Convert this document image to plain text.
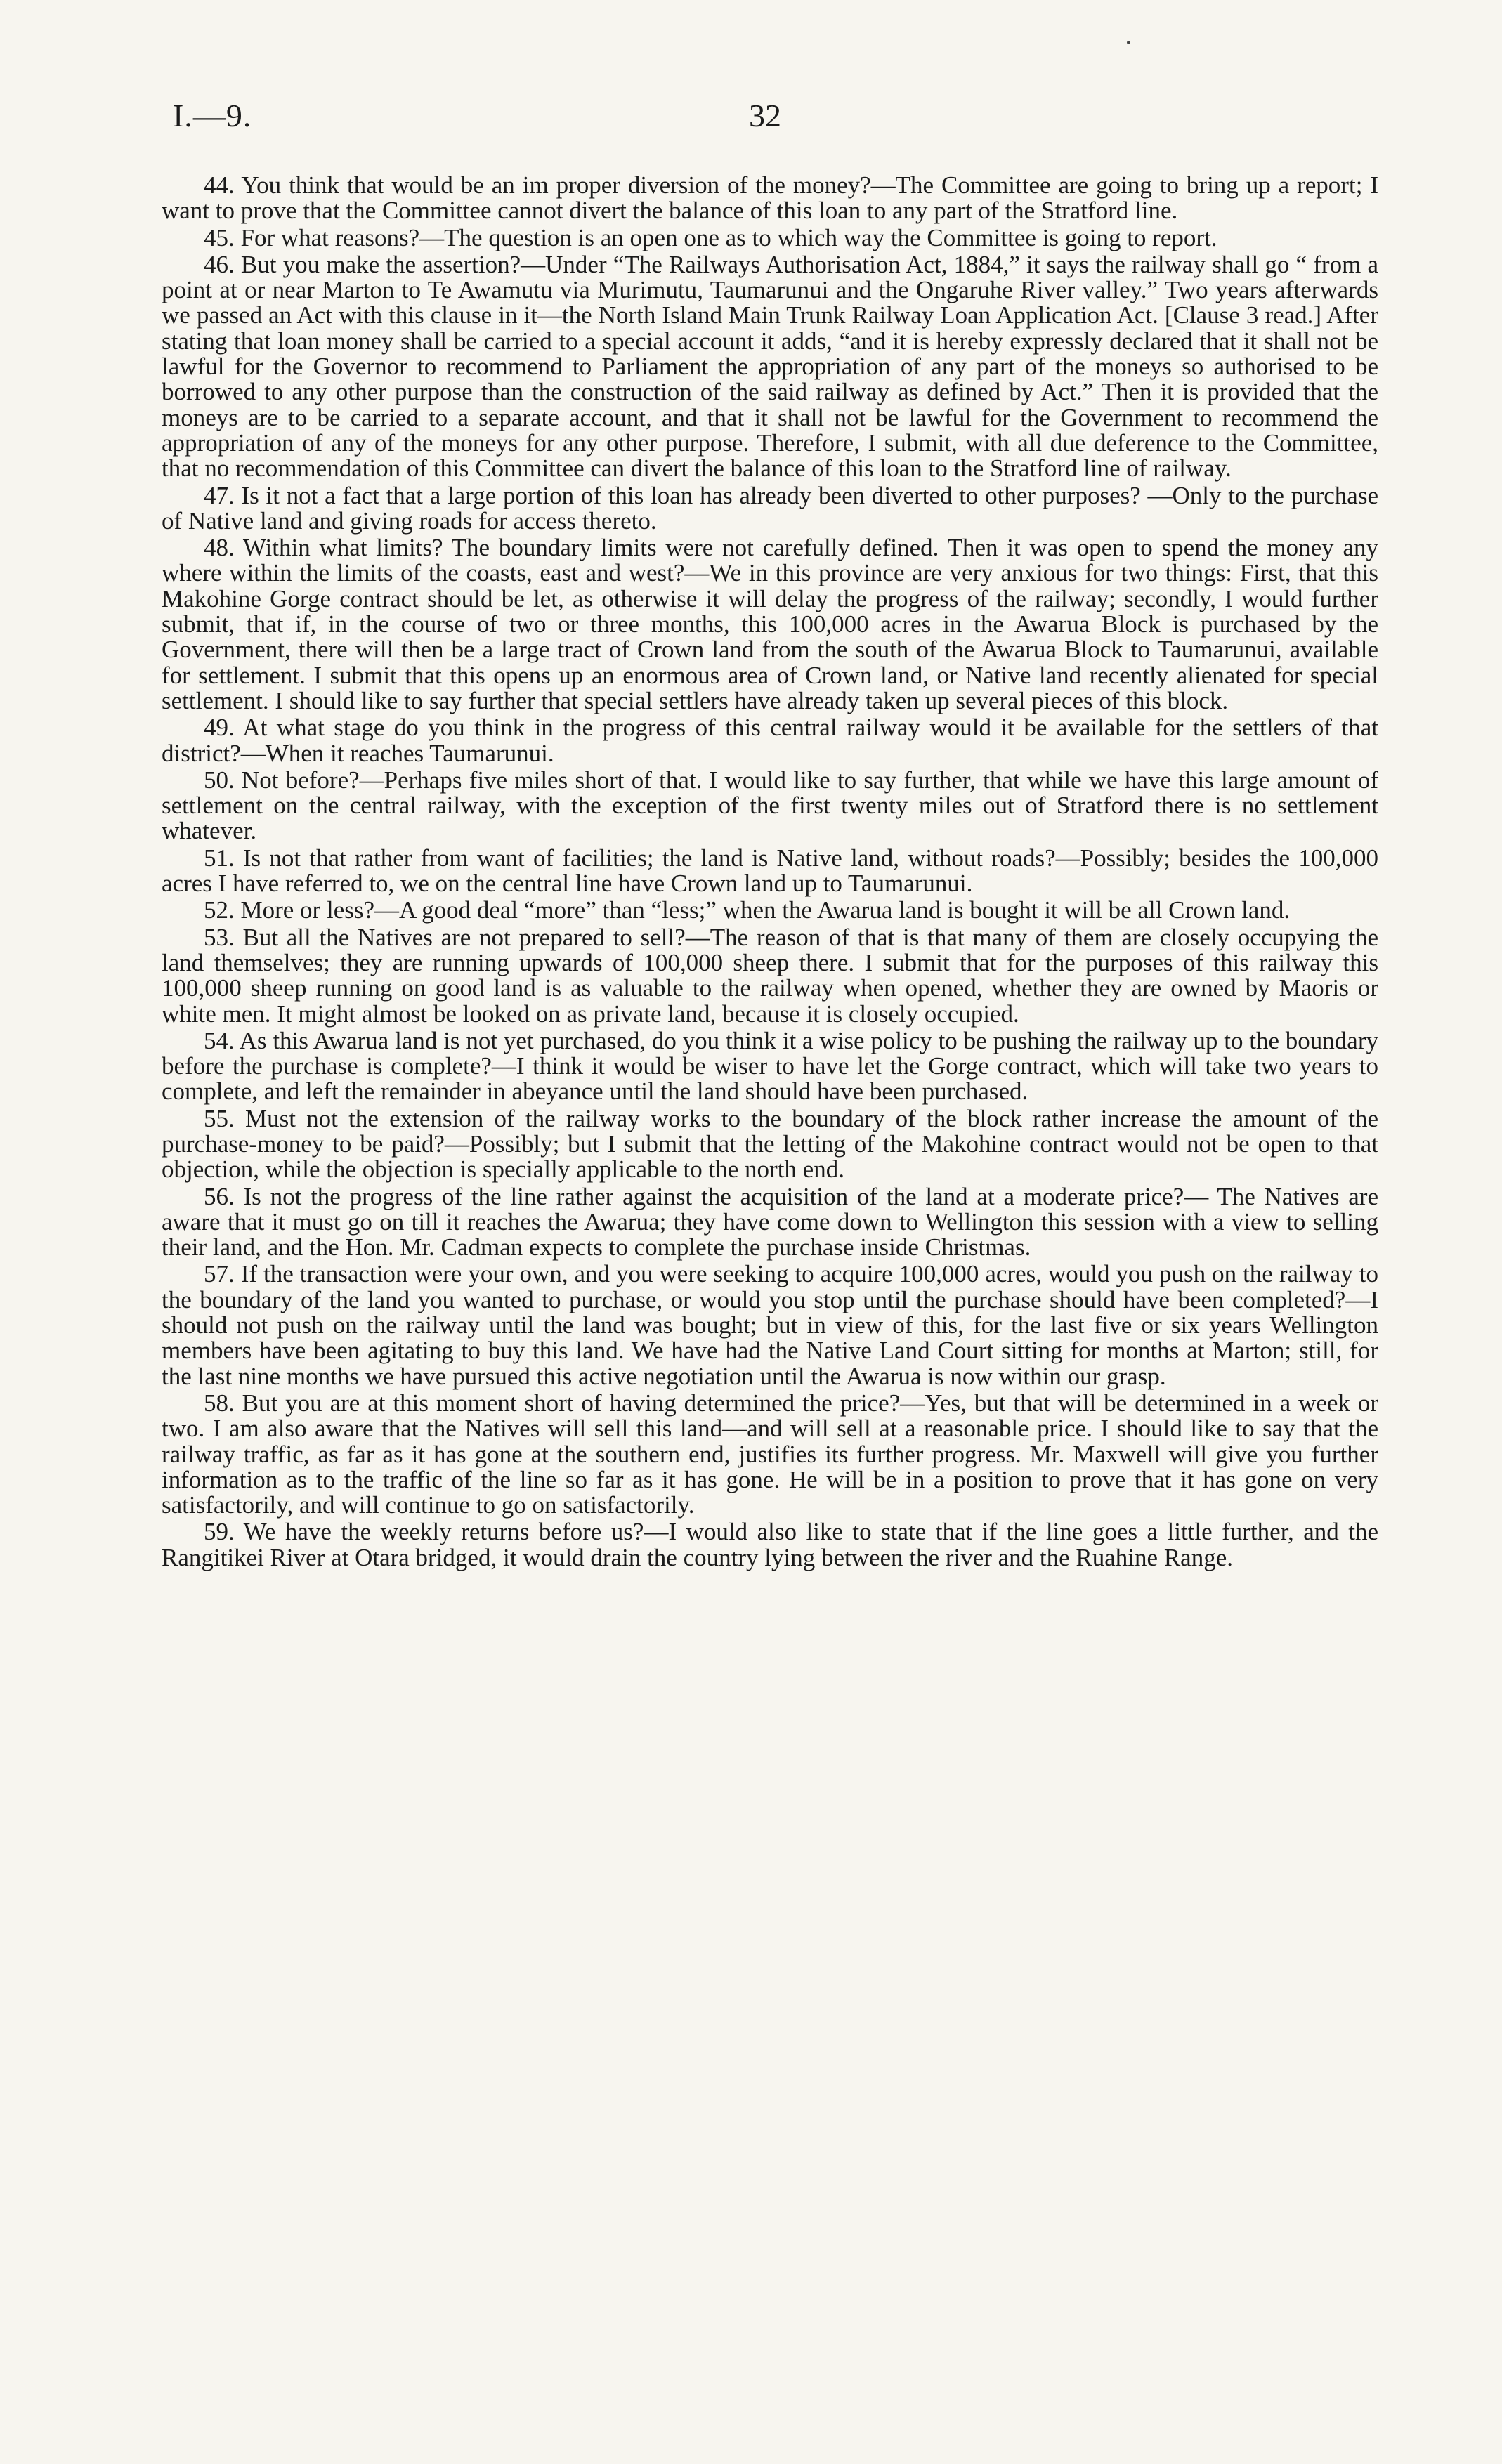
I.—9.	32

44. You think that would be an im proper diversion of the money?—The Committee are going to bring up a report; I want to prove that the Committee cannot divert the balance of this loan to any part of the Stratford line.

45. For what reasons?—The question is an open one as to which way the Committee is going to report.

46. But you make the assertion?—Under “The Railways Authorisation Act, 1884,” it says the railway shall go “ from a point at or near Marton to Te Awamutu via Murimutu, Taumarunui and the Ongaruhe River valley.” Two years afterwards we passed an Act with this clause in it—the North Island Main Trunk Railway Loan Application Act. [Clause 3 read.] After stating that loan money shall be carried to a special account it adds, “and it is hereby expressly declared that it shall not be lawful for the Governor to recommend to Parliament the appropriation of any part of the moneys so authorised to be borrowed to any other purpose than the construction of the said railway as defined by Act.” Then it is provided that the moneys are to be carried to a separate account, and that it shall not be lawful for the Government to recommend the appropriation of any of the moneys for any other purpose. Therefore, I submit, with all due deference to the Committee, that no recommendation of this Committee can divert the balance of this loan to the Stratford line of railway.

47. Is it not a fact that a large portion of this loan has already been diverted to other purposes? —Only to the purchase of Native land and giving roads for access thereto.

48. Within what limits? The boundary limits were not carefully defined. Then it was open to spend the money any where within the limits of the coasts, east and west?—We in this province are very anxious for two things: First, that this Makohine Gorge contract should be let, as otherwise it will delay the progress of the railway; secondly, I would further submit, that if, in the course of two or three months, this 100,000 acres in the Awarua Block is purchased by the Government, there will then be a large tract of Crown land from the south of the Awarua Block to Taumarunui, available for settlement. I submit that this opens up an enormous area of Crown land, or Native land recently alienated for special settlement. I should like to say further that special settlers have already taken up several pieces of this block.

49. At what stage do you think in the progress of this central railway would it be available for the settlers of that district?—When it reaches Taumarunui.

50. Not before?—Perhaps five miles short of that. I would like to say further, that while we have this large amount of settlement on the central railway, with the exception of the first twenty miles out of Stratford there is no settlement whatever.

51. Is not that rather from want of facilities; the land is Native land, without roads?—Possibly; besides the 100,000 acres I have referred to, we on the central line have Crown land up to Taumarunui.

52. More or less?—A good deal “more” than “less;” when the Awarua land is bought it will be all Crown land.

53. But all the Natives are not prepared to sell?—The reason of that is that many of them are closely occupying the land themselves; they are running upwards of 100,000 sheep there. I submit that for the purposes of this railway this 100,000 sheep running on good land is as valuable to the railway when opened, whether they are owned by Maoris or white men. It might almost be looked on as private land, because it is closely occupied.

54. As this Awarua land is not yet purchased, do you think it a wise policy to be pushing the railway up to the boundary before the purchase is complete?—I think it would be wiser to have let the Gorge contract, which will take two years to complete, and left the remainder in abeyance until the land should have been purchased.

55. Must not the extension of the railway works to the boundary of the block rather increase the amount of the purchase-money to be paid?—Possibly; but I submit that the letting of the Makohine contract would not be open to that objection, while the objection is specially applicable to the north end.

56. Is not the progress of the line rather against the acquisition of the land at a moderate price?— The Natives are aware that it must go on till it reaches the Awarua; they have come down to Wellington this session with a view to selling their land, and the Hon. Mr. Cadman expects to complete the purchase inside Christmas.

57. If the transaction were your own, and you were seeking to acquire 100,000 acres, would you push on the railway to the boundary of the land you wanted to purchase, or would you stop until the purchase should have been completed?—I should not push on the railway until the land was bought; but in view of this, for the last five or six years Wellington members have been agitating to buy this land. We have had the Native Land Court sitting for months at Marton; still, for the last nine months we have pursued this active negotiation until the Awarua is now within our grasp.

58. But you are at this moment short of having determined the price?—Yes, but that will be determined in a week or two. I am also aware that the Natives will sell this land—and will sell at a reasonable price. I should like to say that the railway traffic, as far as it has gone at the southern end, justifies its further progress. Mr. Maxwell will give you further information as to the traffic of the line so far as it has gone. He will be in a position to prove that it has gone on very satisfactorily, and will continue to go on satisfactorily.

59. We have the weekly returns before us?—I would also like to state that if the line goes a little further, and the Rangitikei River at Otara bridged, it would drain the country lying between the river and the Ruahine Range.
